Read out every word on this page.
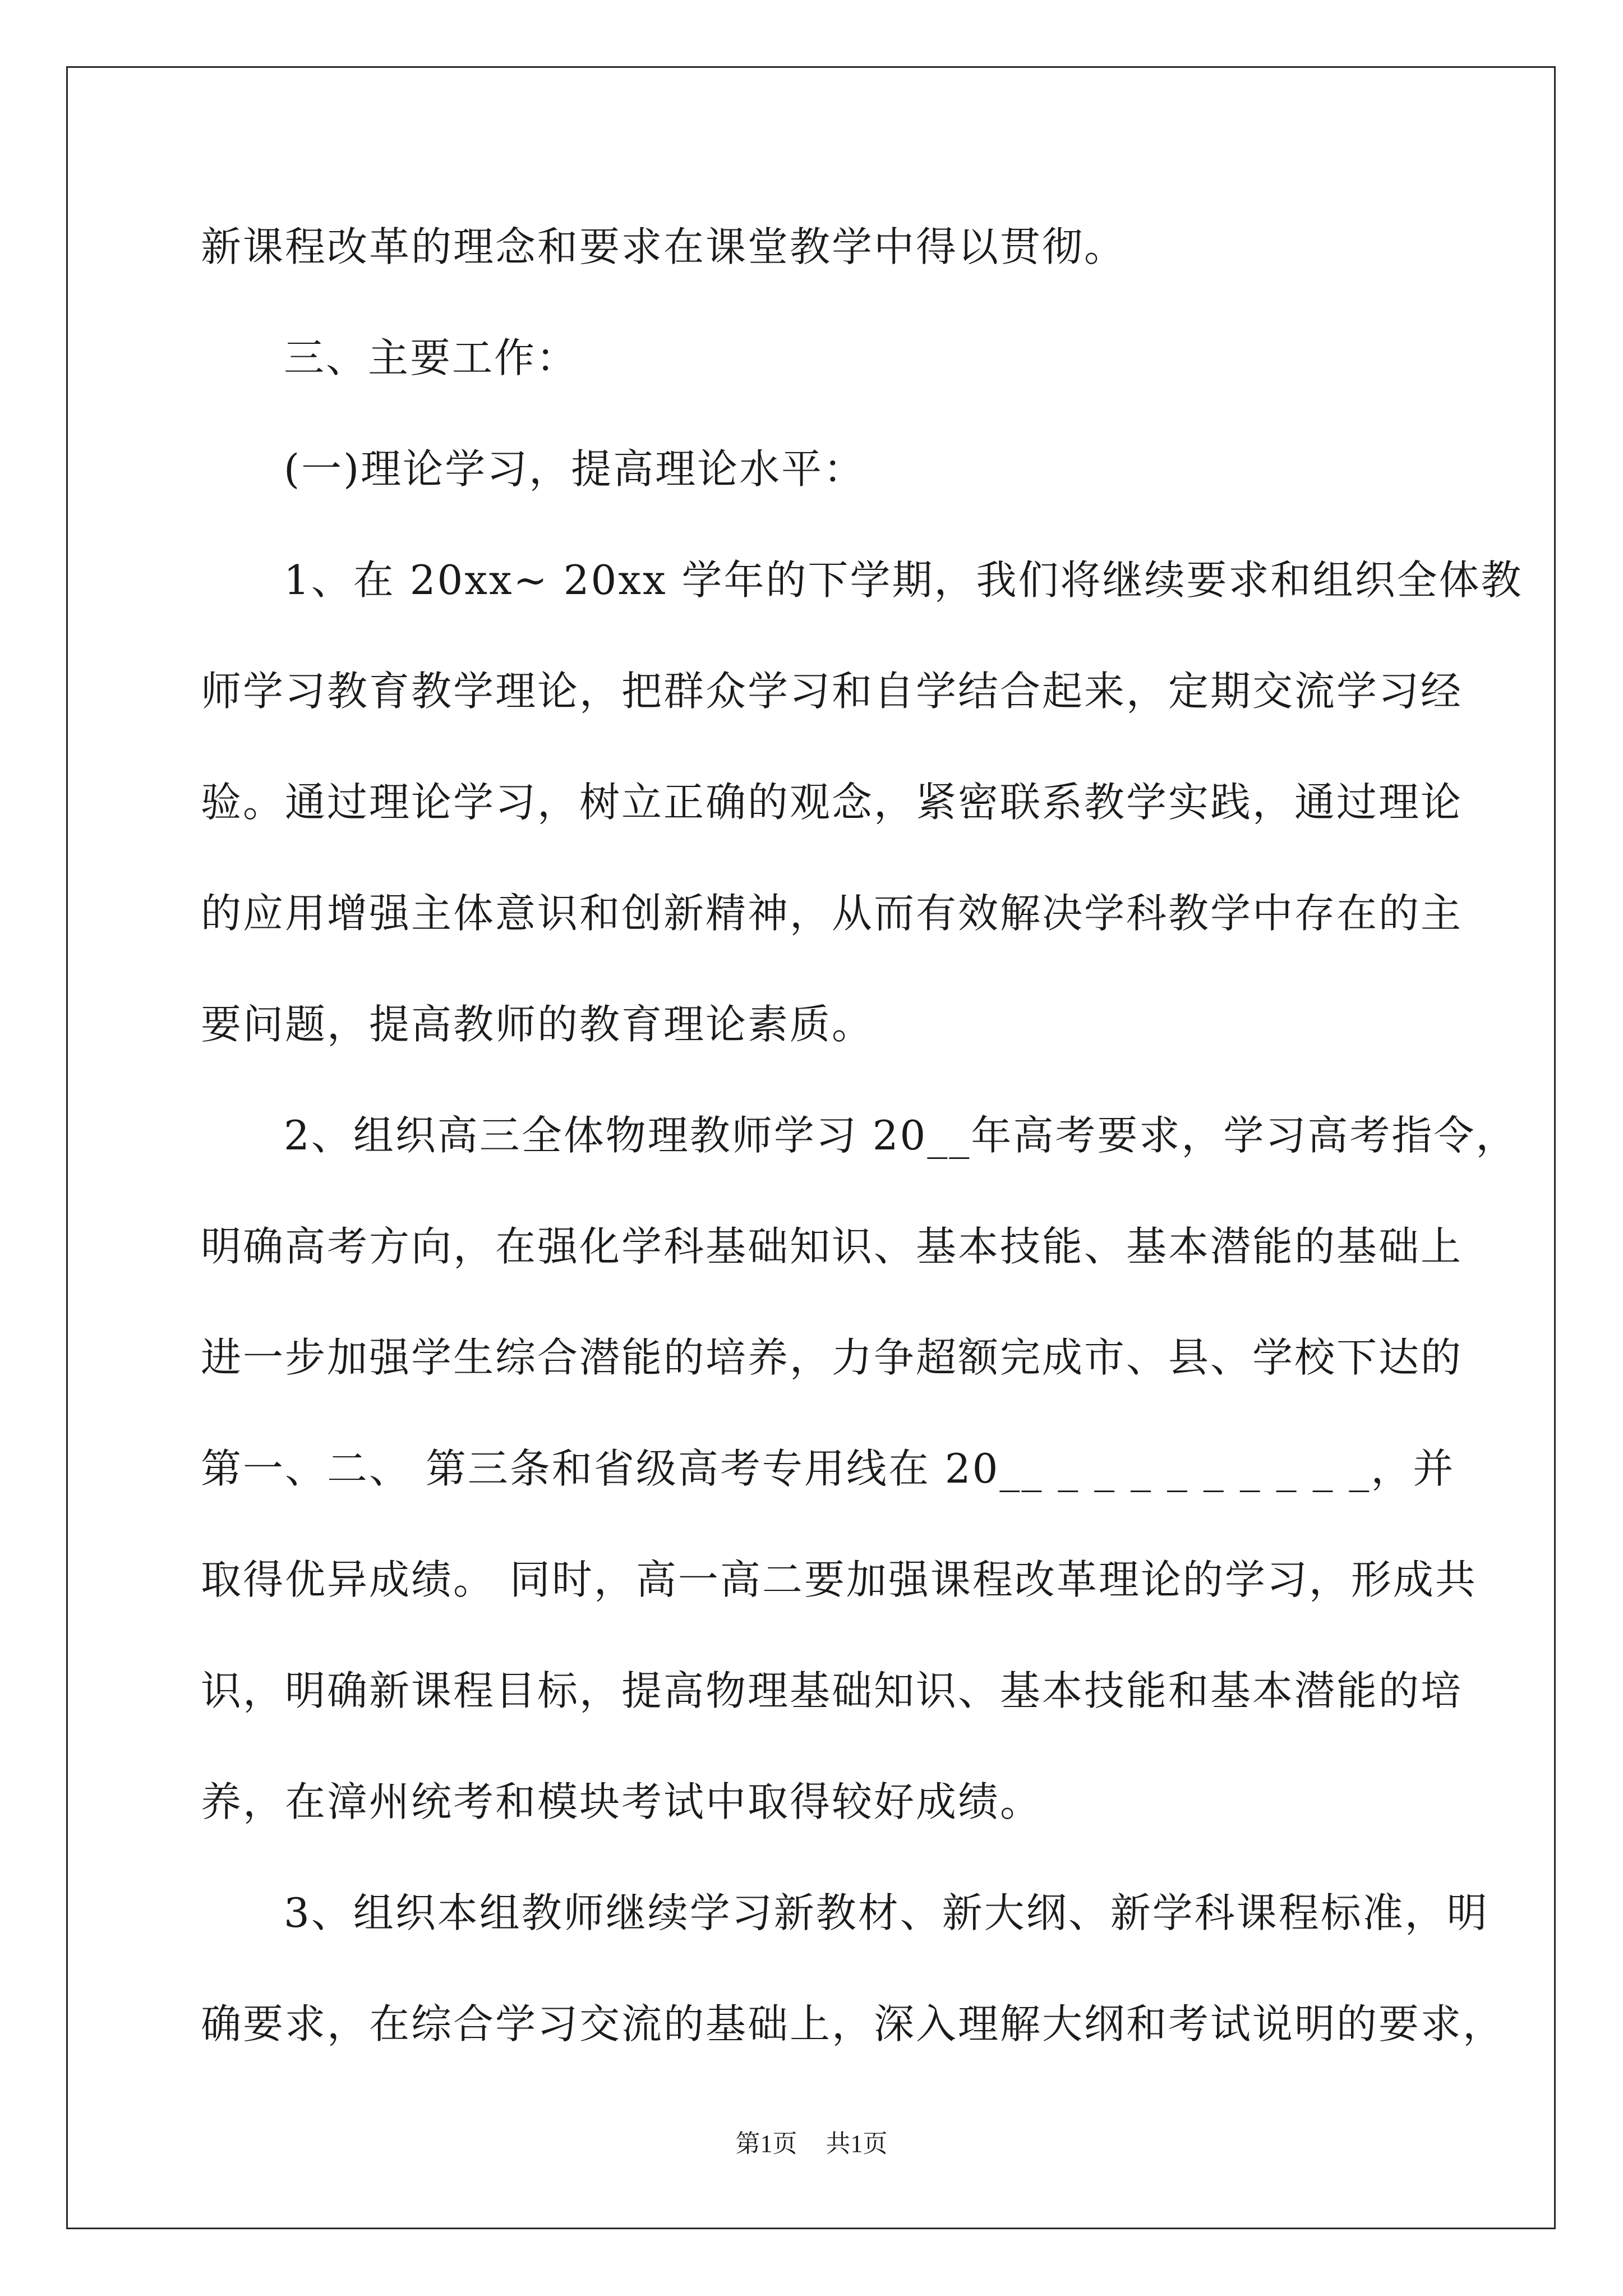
新课程改革的理念和要求在课堂教学中得以贯彻。
三、主要工作：
(一)理论学习，提高理论水平：
1、在 20xx~ 20xx 学年的下学期，我们将继续要求和组织全体教
师学习教育教学理论，把群众学习和自学结合起来，定期交流学习经
验。通过理论学习，树立正确的观念，紧密联系教学实践，通过理论
的应用增强主体意识和创新精神，从而有效解决学科教学中存在的主
要问题，提高教师的教育理论素质。
2、组织高三全体物理教师学习 20__年高考要求，学习高考指令，
明确高考方向，在强化学科基础知识、基本技能、基本潜能的基础上
进一步加强学生综合潜能的培养，力争超额完成市、县、学校下达的
第一、二、 第三条和省级高考专用线在 20__ _ _ _ _ _ _ _ _ _，并
取得优异成绩。 同时，高一高二要加强课程改革理论的学习，形成共
识，明确新课程目标，提高物理基础知识、基本技能和基本潜能的培
养，在漳州统考和模块考试中取得较好成绩。
3、组织本组教师继续学习新教材、新大纲、新学科课程标准，明
确要求，在综合学习交流的基础上，深入理解大纲和考试说明的要求，
第1页 共1页
